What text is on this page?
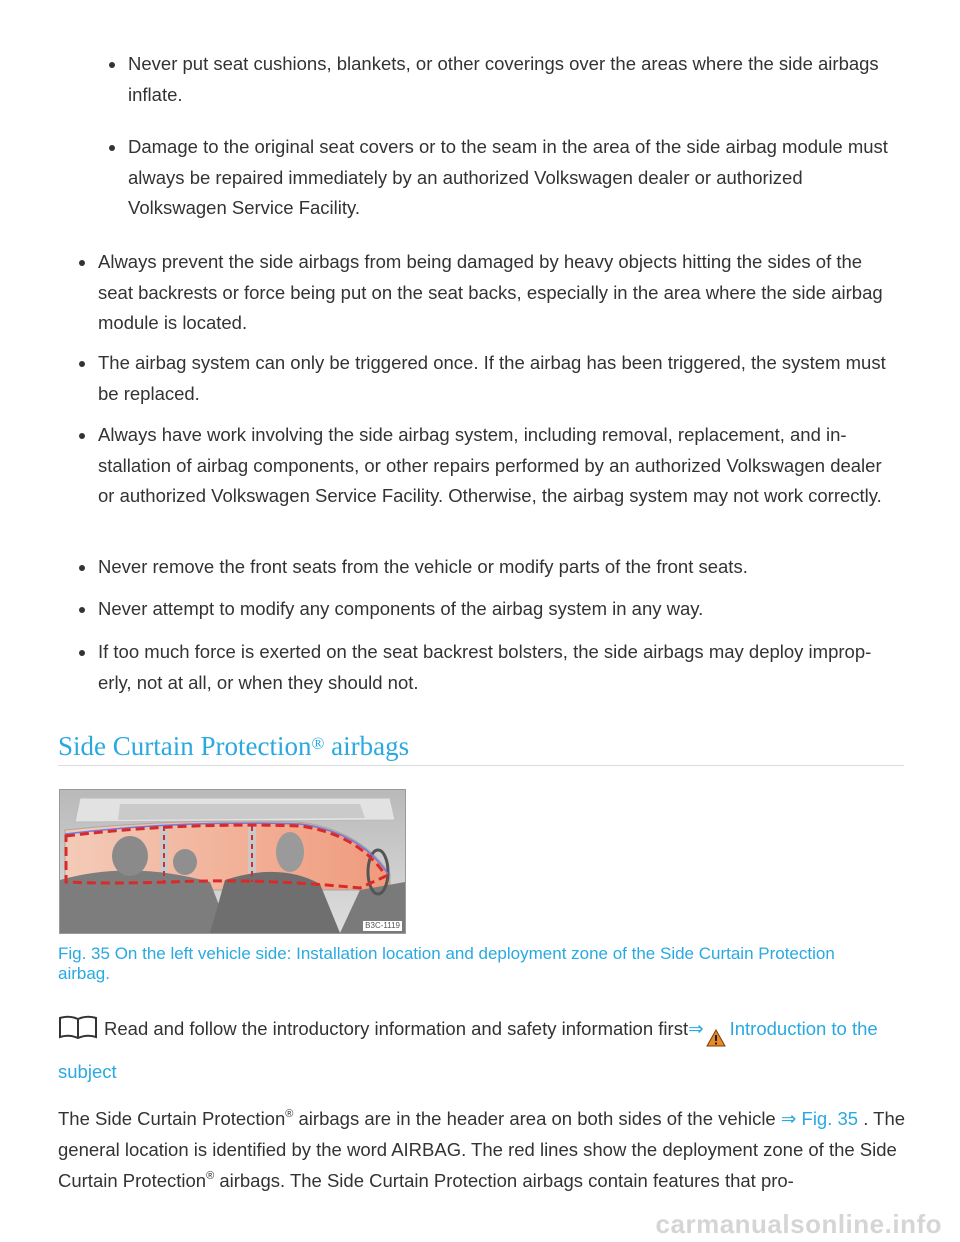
Never put seat cushions, blankets, or other coverings over the areas where the side airbags inflate.
Damage to the original seat covers or to the seam in the area of the side airbag module must always be repaired immediately by an authorized Volkswagen dealer or authorized Volkswagen Service Facility.
Always prevent the side airbags from being damaged by heavy objects hitting the sides of the seat backrests or force being put on the seat backs, especially in the area where the side airbag module is located.
The airbag system can only be triggered once. If the airbag has been triggered, the system must be replaced.
Always have work involving the side airbag system, including removal, replacement, and in-stallation of airbag components, or other repairs performed by an authorized Volkswagen dealer or authorized Volkswagen Service Facility. Otherwise, the airbag system may not work correctly.
Never remove the front seats from the vehicle or modify parts of the front seats.
Never attempt to modify any components of the airbag system in any way.
If too much force is exerted on the seat backrest bolsters, the side airbags may deploy improp-erly, not at all, or when they should not.
Side Curtain Protection® airbags
B3C-1119

Fig. 35 On the left vehicle side: Installation location and deployment zone of the Side Curtain Protection airbag.

Read and follow the introductory information and safety information first⇒ Introduction to the subject

The Side Curtain Protection® airbags are in the header area on both sides of the vehicle ⇒ Fig. 35 . The general location is identified by the word AIRBAG. The red lines show the deployment zone of the Side Curtain Protection® airbags. The Side Curtain Protection airbags contain features that pro-

carmanualsonline.info
